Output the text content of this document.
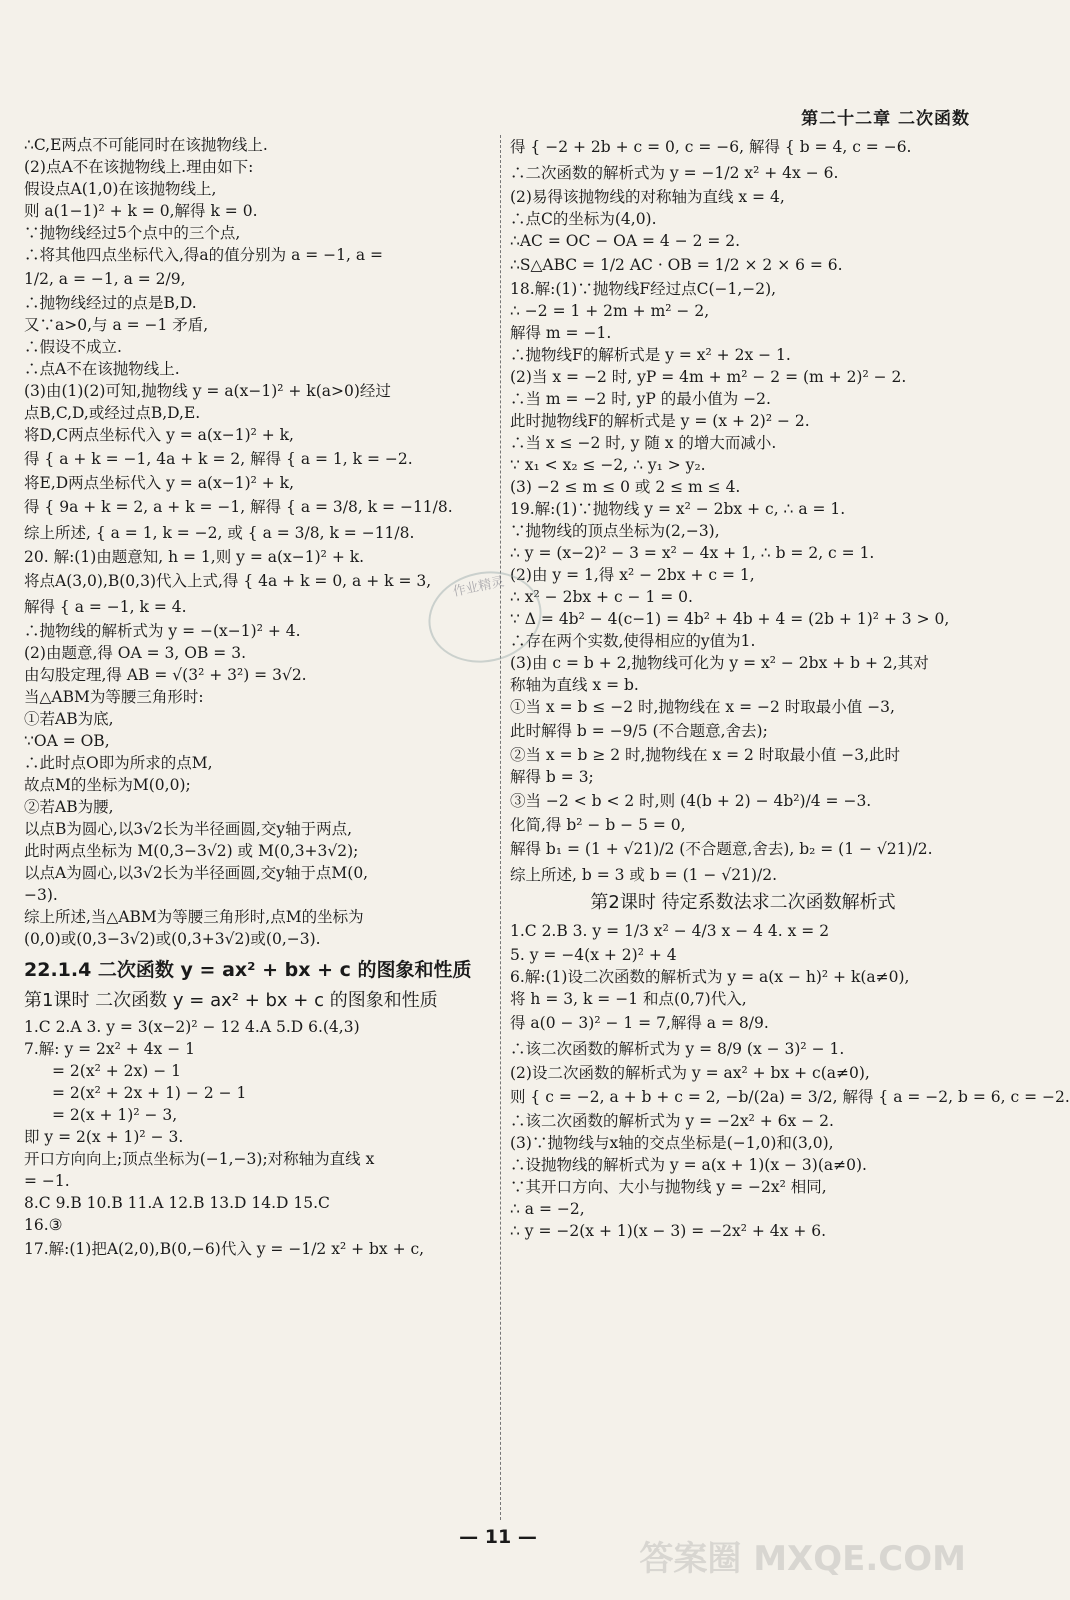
第二十二章 二次函数

∴C,E两点不可能同时在该抛物线上.

(2)点A不在该抛物线上.理由如下:

假设点A(1,0)在该抛物线上,

则 a(1−1)² + k = 0,解得 k = 0.

∵抛物线经过5个点中的三个点,

∴将其他四点坐标代入,得a的值分别为 a = −1, a =

1/2, a = −1, a = 2/9,

∴抛物线经过的点是B,D.

又∵a>0,与 a = −1 矛盾,

∴假设不成立.

∴点A不在该抛物线上.

(3)由(1)(2)可知,抛物线 y = a(x−1)² + k(a>0)经过

点B,C,D,或经过点B,D,E.

将D,C两点坐标代入 y = a(x−1)² + k,

得 { a + k = −1, 4a + k = 2, 解得 { a = 1, k = −2.

将E,D两点坐标代入 y = a(x−1)² + k,

得 { 9a + k = 2, a + k = −1, 解得 { a = 3/8, k = −11/8.

综上所述, { a = 1, k = −2, 或 { a = 3/8, k = −11/8.

20. 解:(1)由题意知, h = 1,则 y = a(x−1)² + k.

将点A(3,0),B(0,3)代入上式,得 { 4a + k = 0, a + k = 3,

解得 { a = −1, k = 4.

∴抛物线的解析式为 y = −(x−1)² + 4.

(2)由题意,得 OA = 3, OB = 3.

由勾股定理,得 AB = √(3² + 3²) = 3√2.

当△ABM为等腰三角形时:

①若AB为底,

∵OA = OB,

∴此时点O即为所求的点M,

故点M的坐标为M(0,0);

②若AB为腰,

以点B为圆心,以3√2长为半径画圆,交y轴于两点,

此时两点坐标为 M(0,3−3√2) 或 M(0,3+3√2);

以点A为圆心,以3√2长为半径画圆,交y轴于点M(0,

−3).

综上所述,当△ABM为等腰三角形时,点M的坐标为

(0,0)或(0,3−3√2)或(0,3+3√2)或(0,−3).

22.1.4 二次函数 y = ax² + bx + c 的图象和性质

第1课时 二次函数 y = ax² + bx + c 的图象和性质

1.C 2.A 3. y = 3(x−2)² − 12 4.A 5.D 6.(4,3)

7.解: y = 2x² + 4x − 1

= 2(x² + 2x) − 1

= 2(x² + 2x + 1) − 2 − 1

= 2(x + 1)² − 3,

即 y = 2(x + 1)² − 3.

开口方向向上;顶点坐标为(−1,−3);对称轴为直线 x

= −1.

8.C 9.B 10.B 11.A 12.B 13.D 14.D 15.C

16.③

17.解:(1)把A(2,0),B(0,−6)代入 y = −1/2 x² + bx + c,

得 { −2 + 2b + c = 0, c = −6, 解得 { b = 4, c = −6.

∴二次函数的解析式为 y = −1/2 x² + 4x − 6.

(2)易得该抛物线的对称轴为直线 x = 4,

∴点C的坐标为(4,0).

∴AC = OC − OA = 4 − 2 = 2.

∴S△ABC = 1/2 AC · OB = 1/2 × 2 × 6 = 6.

18.解:(1)∵抛物线F经过点C(−1,−2),

∴ −2 = 1 + 2m + m² − 2,

解得 m = −1.

∴抛物线F的解析式是 y = x² + 2x − 1.

(2)当 x = −2 时, yP = 4m + m² − 2 = (m + 2)² − 2.

∴当 m = −2 时, yP 的最小值为 −2.

此时抛物线F的解析式是 y = (x + 2)² − 2.

∴当 x ≤ −2 时, y 随 x 的增大而减小.

∵ x₁ < x₂ ≤ −2, ∴ y₁ > y₂.

(3) −2 ≤ m ≤ 0 或 2 ≤ m ≤ 4.

19.解:(1)∵抛物线 y = x² − 2bx + c, ∴ a = 1.

∵抛物线的顶点坐标为(2,−3),

∴ y = (x−2)² − 3 = x² − 4x + 1, ∴ b = 2, c = 1.

(2)由 y = 1,得 x² − 2bx + c = 1,

∴ x² − 2bx + c − 1 = 0.

∵ Δ = 4b² − 4(c−1) = 4b² + 4b + 4 = (2b + 1)² + 3 > 0,

∴存在两个实数,使得相应的y值为1.

(3)由 c = b + 2,抛物线可化为 y = x² − 2bx + b + 2,其对

称轴为直线 x = b.

①当 x = b ≤ −2 时,抛物线在 x = −2 时取最小值 −3,

此时解得 b = −9/5 (不合题意,舍去);

②当 x = b ≥ 2 时,抛物线在 x = 2 时取最小值 −3,此时

解得 b = 3;

③当 −2 < b < 2 时,则 (4(b + 2) − 4b²)/4 = −3.

化简,得 b² − b − 5 = 0,

解得 b₁ = (1 + √21)/2 (不合题意,舍去), b₂ = (1 − √21)/2.

综上所述, b = 3 或 b = (1 − √21)/2.

第2课时 待定系数法求二次函数解析式

1.C 2.B 3. y = 1/3 x² − 4/3 x − 4 4. x = 2

5. y = −4(x + 2)² + 4

6.解:(1)设二次函数的解析式为 y = a(x − h)² + k(a≠0),

将 h = 3, k = −1 和点(0,7)代入,

得 a(0 − 3)² − 1 = 7,解得 a = 8/9.

∴该二次函数的解析式为 y = 8/9 (x − 3)² − 1.

(2)设二次函数的解析式为 y = ax² + bx + c(a≠0),

则 { c = −2, a + b + c = 2, −b/(2a) = 3/2, 解得 { a = −2, b = 6, c = −2.

∴该二次函数的解析式为 y = −2x² + 6x − 2.

(3)∵抛物线与x轴的交点坐标是(−1,0)和(3,0),

∴设抛物线的解析式为 y = a(x + 1)(x − 3)(a≠0).

∵其开口方向、大小与抛物线 y = −2x² 相同,

∴ a = −2,

∴ y = −2(x + 1)(x − 3) = −2x² + 4x + 6.

作业精灵
答案圈 MXQE.COM
— 11 —
